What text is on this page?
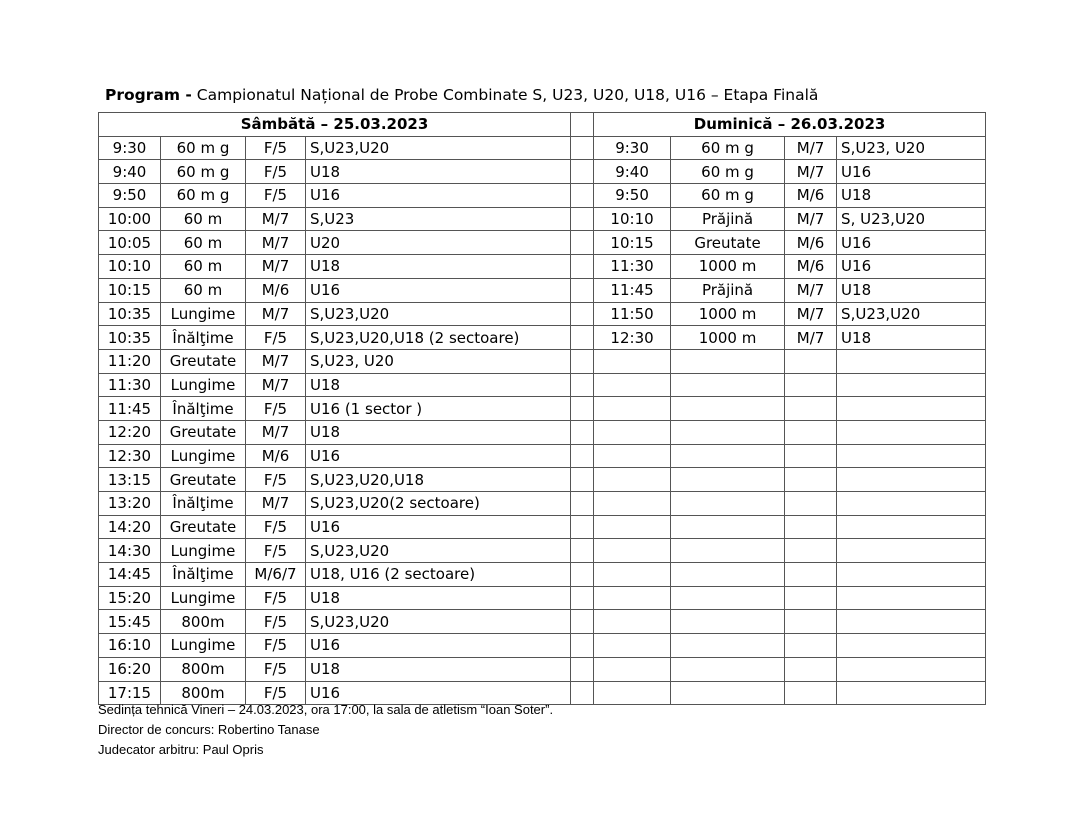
Program - Campionatul Național de Probe Combinate S, U23, U20, U18, U16 – Etapa Finală
Sâmbătă – 25.03.2023					Duminică – 26.03.2023			
9:30	60 m g	F/5	S,U23,U20		9:30	60 m g	M/7	S,U23, U20
9:40	60 m g	F/5	U18		9:40	60 m g	M/7	U16
9:50	60 m g	F/5	U16		9:50	60 m g	M/6	U18
10:00	60 m	M/7	S,U23		10:10	Prăjină	M/7	S, U23,U20
10:05	60 m	M/7	U20		10:15	Greutate	M/6	U16
10:10	60 m	M/7	U18		11:30	1000 m	M/6	U16
10:15	60 m	M/6	U16		11:45	Prăjină	M/7	U18
10:35	Lungime	M/7	S,U23,U20		11:50	1000 m	M/7	S,U23,U20
10:35	Înălţime	F/5	S,U23,U20,U18 (2 sectoare)		12:30	1000 m	M/7	U18
11:20	Greutate	M/7	S,U23, U20					
11:30	Lungime	M/7	U18					
11:45	Înălţime	F/5	U16 (1 sector )					
12:20	Greutate	M/7	U18					
12:30	Lungime	M/6	U16					
13:15	Greutate	F/5	S,U23,U20,U18					
13:20	Înălţime	M/7	S,U23,U20(2 sectoare)					
14:20	Greutate	F/5	U16					
14:30	Lungime	F/5	S,U23,U20					
14:45	Înălţime	M/6/7	U18, U16 (2 sectoare)					
15:20	Lungime	F/5	U18					
15:45	800m	F/5	S,U23,U20					
16:10	Lungime	F/5	U16					
16:20	800m	F/5	U18					
17:15	800m	F/5	U16					
Sedința tehnică Vineri – 24.03.2023, ora 17:00, la sala de atletism “Ioan Soter”.
Director de concurs: Robertino Tanase
Judecator arbitru: Paul Opris
